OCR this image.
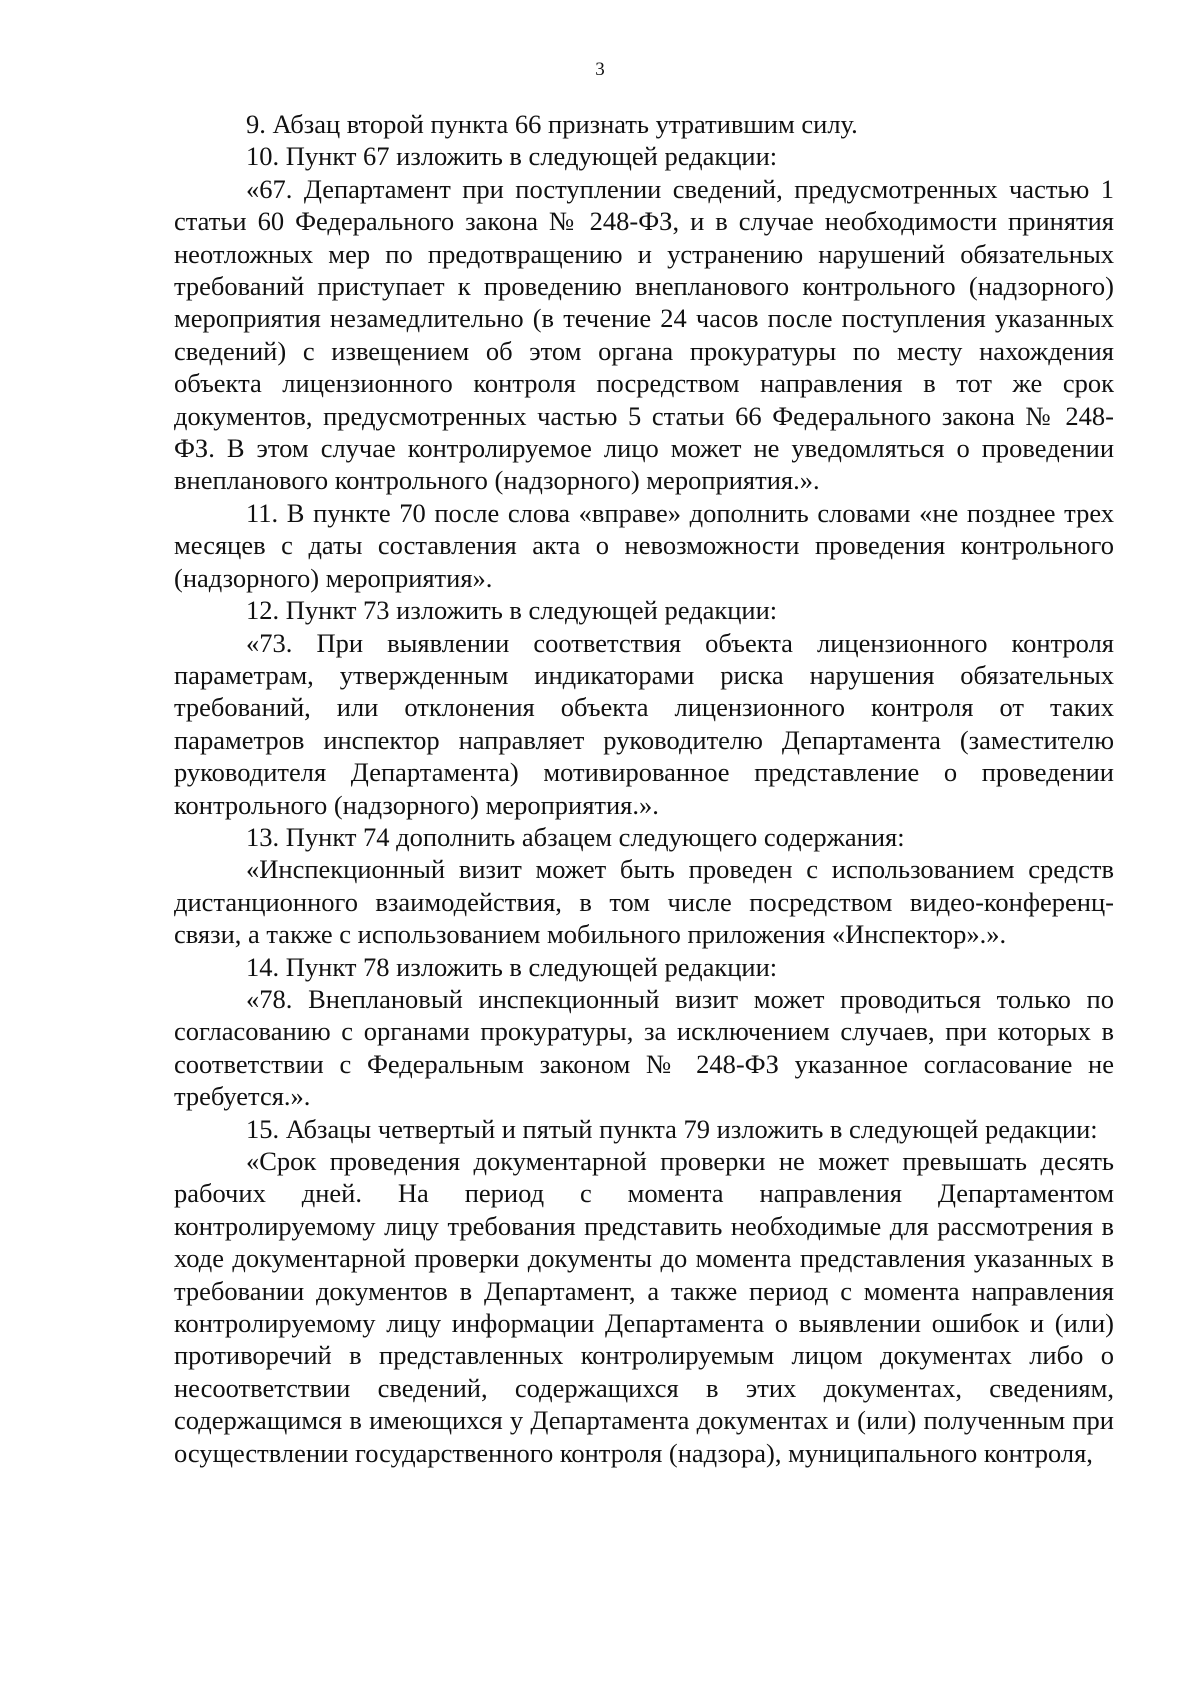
3

9. Абзац второй пункта 66 признать утратившим силу.

10. Пункт 67 изложить в следующей редакции:

«67. Департамент при поступлении сведений, предусмотренных частью 1 статьи 60 Федерального закона № 248-ФЗ, и в случае необходимости принятия неотложных мер по предотвращению и устранению нарушений обязательных требований приступает к проведению внепланового контрольного (надзорного) мероприятия незамедлительно (в течение 24 часов после поступления указанных сведений) с извещением об этом органа прокуратуры по месту нахождения объекта лицензионного контроля посредством направления в тот же срок документов, предусмотренных частью 5 статьи 66 Федерального закона № 248-ФЗ. В этом случае контролируемое лицо может не уведомляться о проведении внепланового контрольного (надзорного) мероприятия.».

11. В пункте 70 после слова «вправе» дополнить словами «не позднее трех месяцев с даты составления акта о невозможности проведения контрольного (надзорного) мероприятия».

12. Пункт 73 изложить в следующей редакции:

«73. При выявлении соответствия объекта лицензионного контроля параметрам, утвержденным индикаторами риска нарушения обязательных требований, или отклонения объекта лицензионного контроля от таких параметров инспектор направляет руководителю Департамента (заместителю руководителя Департамента) мотивированное представление о проведении контрольного (надзорного) мероприятия.».

13. Пункт 74 дополнить абзацем следующего содержания:

«Инспекционный визит может быть проведен с использованием средств дистанционного взаимодействия, в том числе посредством видео-конференц-связи, а также с использованием мобильного приложения «Инспектор».».

14. Пункт 78 изложить в следующей редакции:

«78. Внеплановый инспекционный визит может проводиться только по согласованию с органами прокуратуры, за исключением случаев, при которых в соответствии с Федеральным законом № 248-ФЗ указанное согласование не требуется.».

15. Абзацы четвертый и пятый пункта 79 изложить в следующей редакции:

«Срок проведения документарной проверки не может превышать десять рабочих дней. На период с момента направления Департаментом контролируемому лицу требования представить необходимые для рассмотрения в ходе документарной проверки документы до момента представления указанных в требовании документов в Департамент, а также период с момента направления контролируемому лицу информации Департамента о выявлении ошибок и (или) противоречий в представленных контролируемым лицом документах либо о несоответствии сведений, содержащихся в этих документах, сведениям, содержащимся в имеющихся у Департамента документах и (или) полученным при осуществлении государственного контроля (надзора), муниципального контроля,
